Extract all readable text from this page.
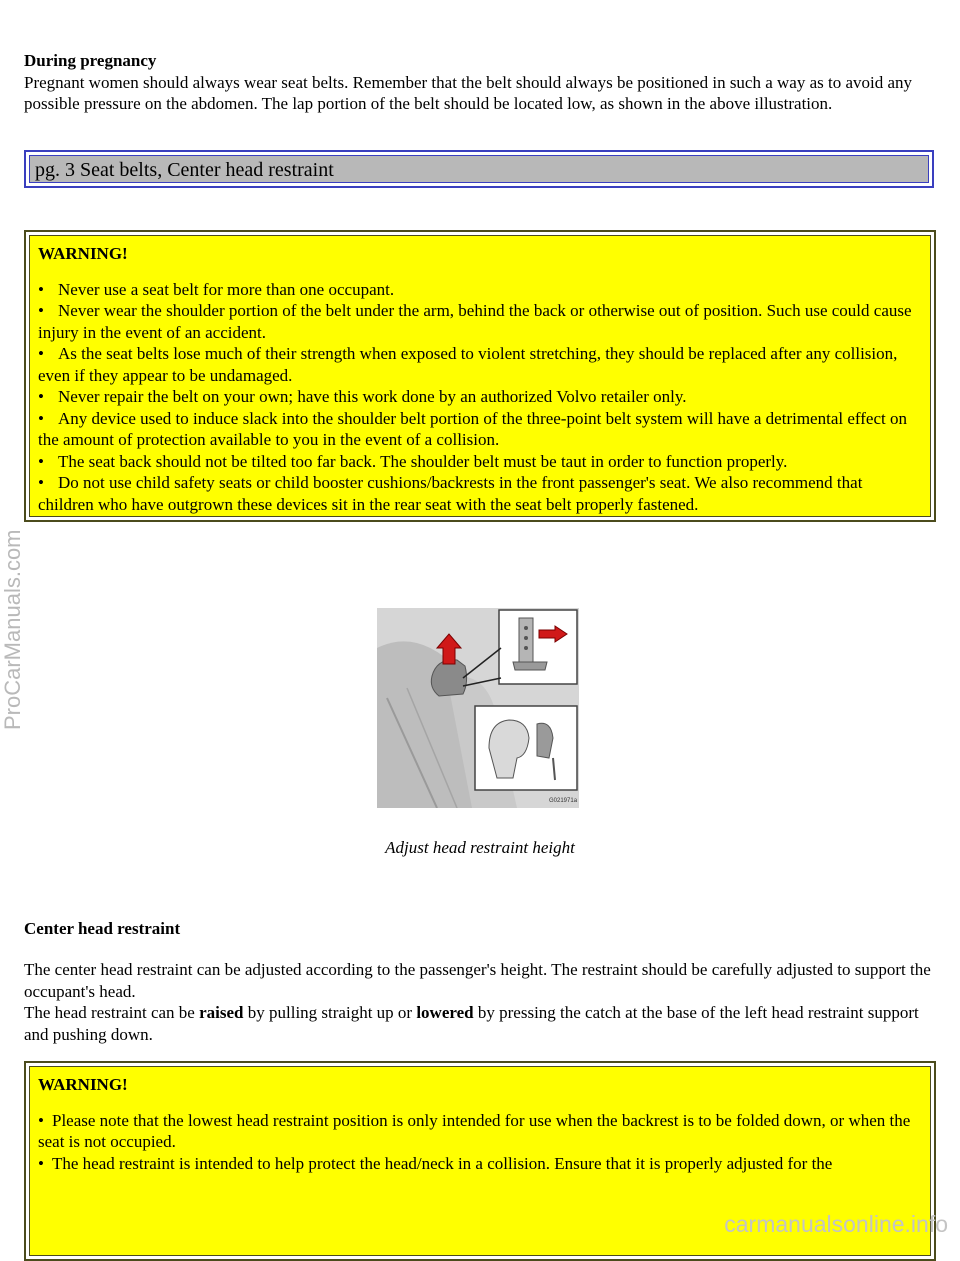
During pregnancy
Pregnant women should always wear seat belts. Remember that the belt should always be positioned in such a way as to avoid any possible pressure on the abdomen. The lap portion of the belt should be located low, as shown in the above illustration.
pg. 3 Seat belts, Center head restraint
WARNING!
• Never use a seat belt for more than one occupant.
• Never wear the shoulder portion of the belt under the arm, behind the back or otherwise out of position. Such use could cause injury in the event of an accident.
• As the seat belts lose much of their strength when exposed to violent stretching, they should be replaced after any collision, even if they appear to be undamaged.
• Never repair the belt on your own; have this work done by an authorized Volvo retailer only.
• Any device used to induce slack into the shoulder belt portion of the three-point belt system will have a detrimental effect on the amount of protection available to you in the event of a collision.
• The seat back should not be tilted too far back. The shoulder belt must be taut in order to function properly.
• Do not use child safety seats or child booster cushions/backrests in the front passenger's seat. We also recommend that children who have outgrown these devices sit in the rear seat with the seat belt properly fastened.
G021971a
Adjust head restraint height
Center head restraint
The center head restraint can be adjusted according to the passenger's height. The restraint should be carefully adjusted to support the occupant's head.
The head restraint can be raised by pulling straight up or lowered by pressing the catch at the base of the left head restraint support and pushing down.
WARNING!
• Please note that the lowest head restraint position is only intended for use when the backrest is to be folded down, or when the seat is not occupied.
• The head restraint is intended to help protect the head/neck in a collision. Ensure that it is properly adjusted for the
ProCarManuals.com
carmanualsonline.info
